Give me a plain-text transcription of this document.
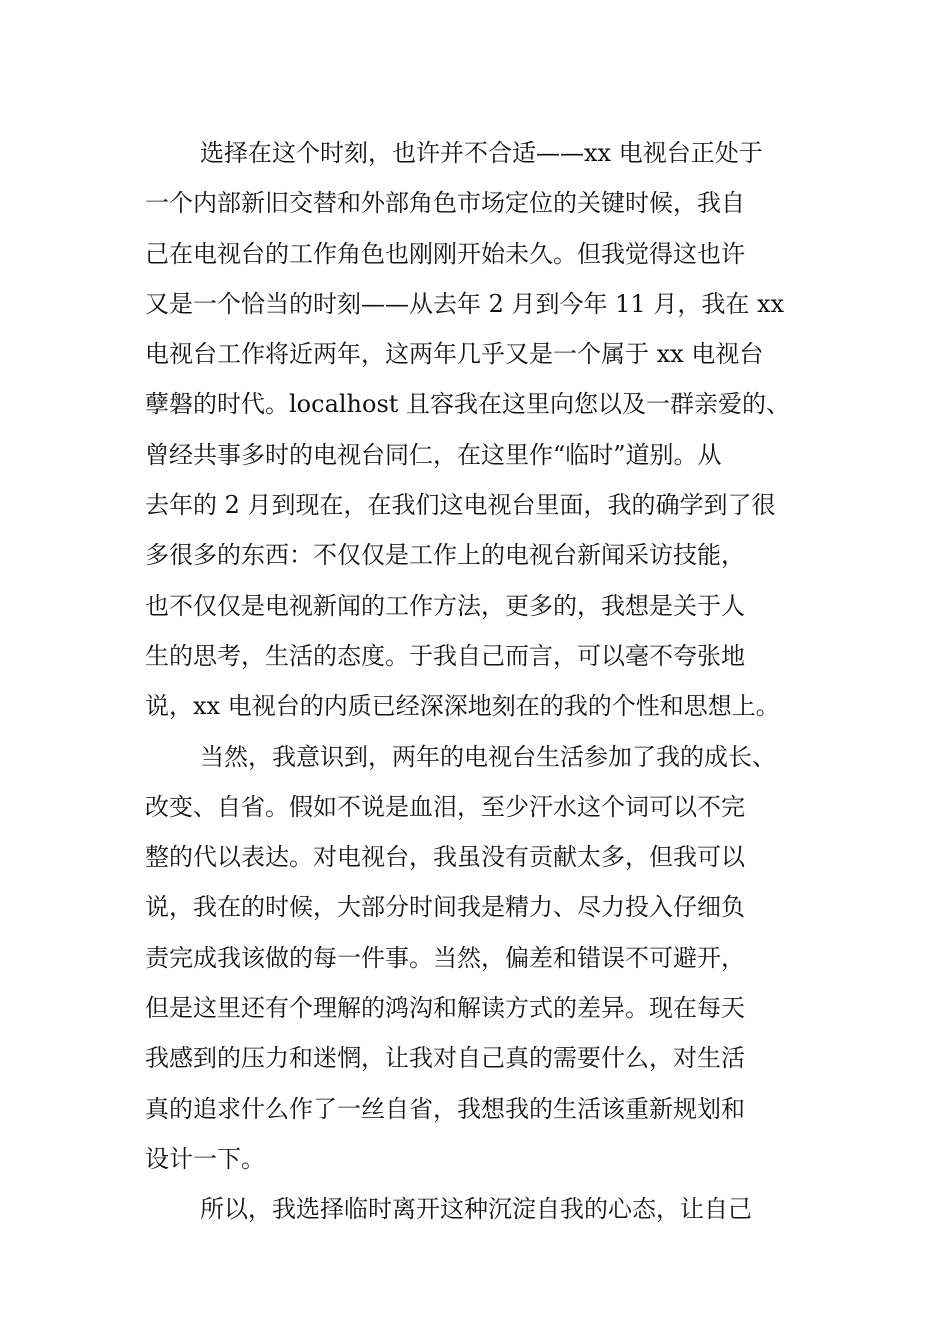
选择在这个时刻，也许并不合适——xx 电视台正处于
一个内部新旧交替和外部角色市场定位的关键时候，我自
己在电视台的工作角色也刚刚开始未久。但我觉得这也许
又是一个恰当的时刻——从去年 2 月到今年 11 月，我在 xx
电视台工作将近两年，这两年几乎又是一个属于 xx 电视台
孽磐的时代。localhost 且容我在这里向您以及一群亲爱的、
曾经共事多时的电视台同仁，在这里作“临时”道别。从
去年的 2 月到现在，在我们这电视台里面，我的确学到了很
多很多的东西：不仅仅是工作上的电视台新闻采访技能，
也不仅仅是电视新闻的工作方法，更多的，我想是关于人
生的思考，生活的态度。于我自己而言，可以毫不夸张地
说，xx 电视台的内质已经深深地刻在的我的个性和思想上。
当然，我意识到，两年的电视台生活参加了我的成长、
改变、自省。假如不说是血泪，至少汗水这个词可以不完
整的代以表达。对电视台，我虽没有贡献太多，但我可以
说，我在的时候，大部分时间我是精力、尽力投入仔细负
责完成我该做的每一件事。当然，偏差和错误不可避开，
但是这里还有个理解的鸿沟和解读方式的差异。现在每天
我感到的压力和迷惘，让我对自己真的需要什么，对生活
真的追求什么作了一丝自省，我想我的生活该重新规划和
设计一下。
所以，我选择临时离开这种沉淀自我的心态，让自己
